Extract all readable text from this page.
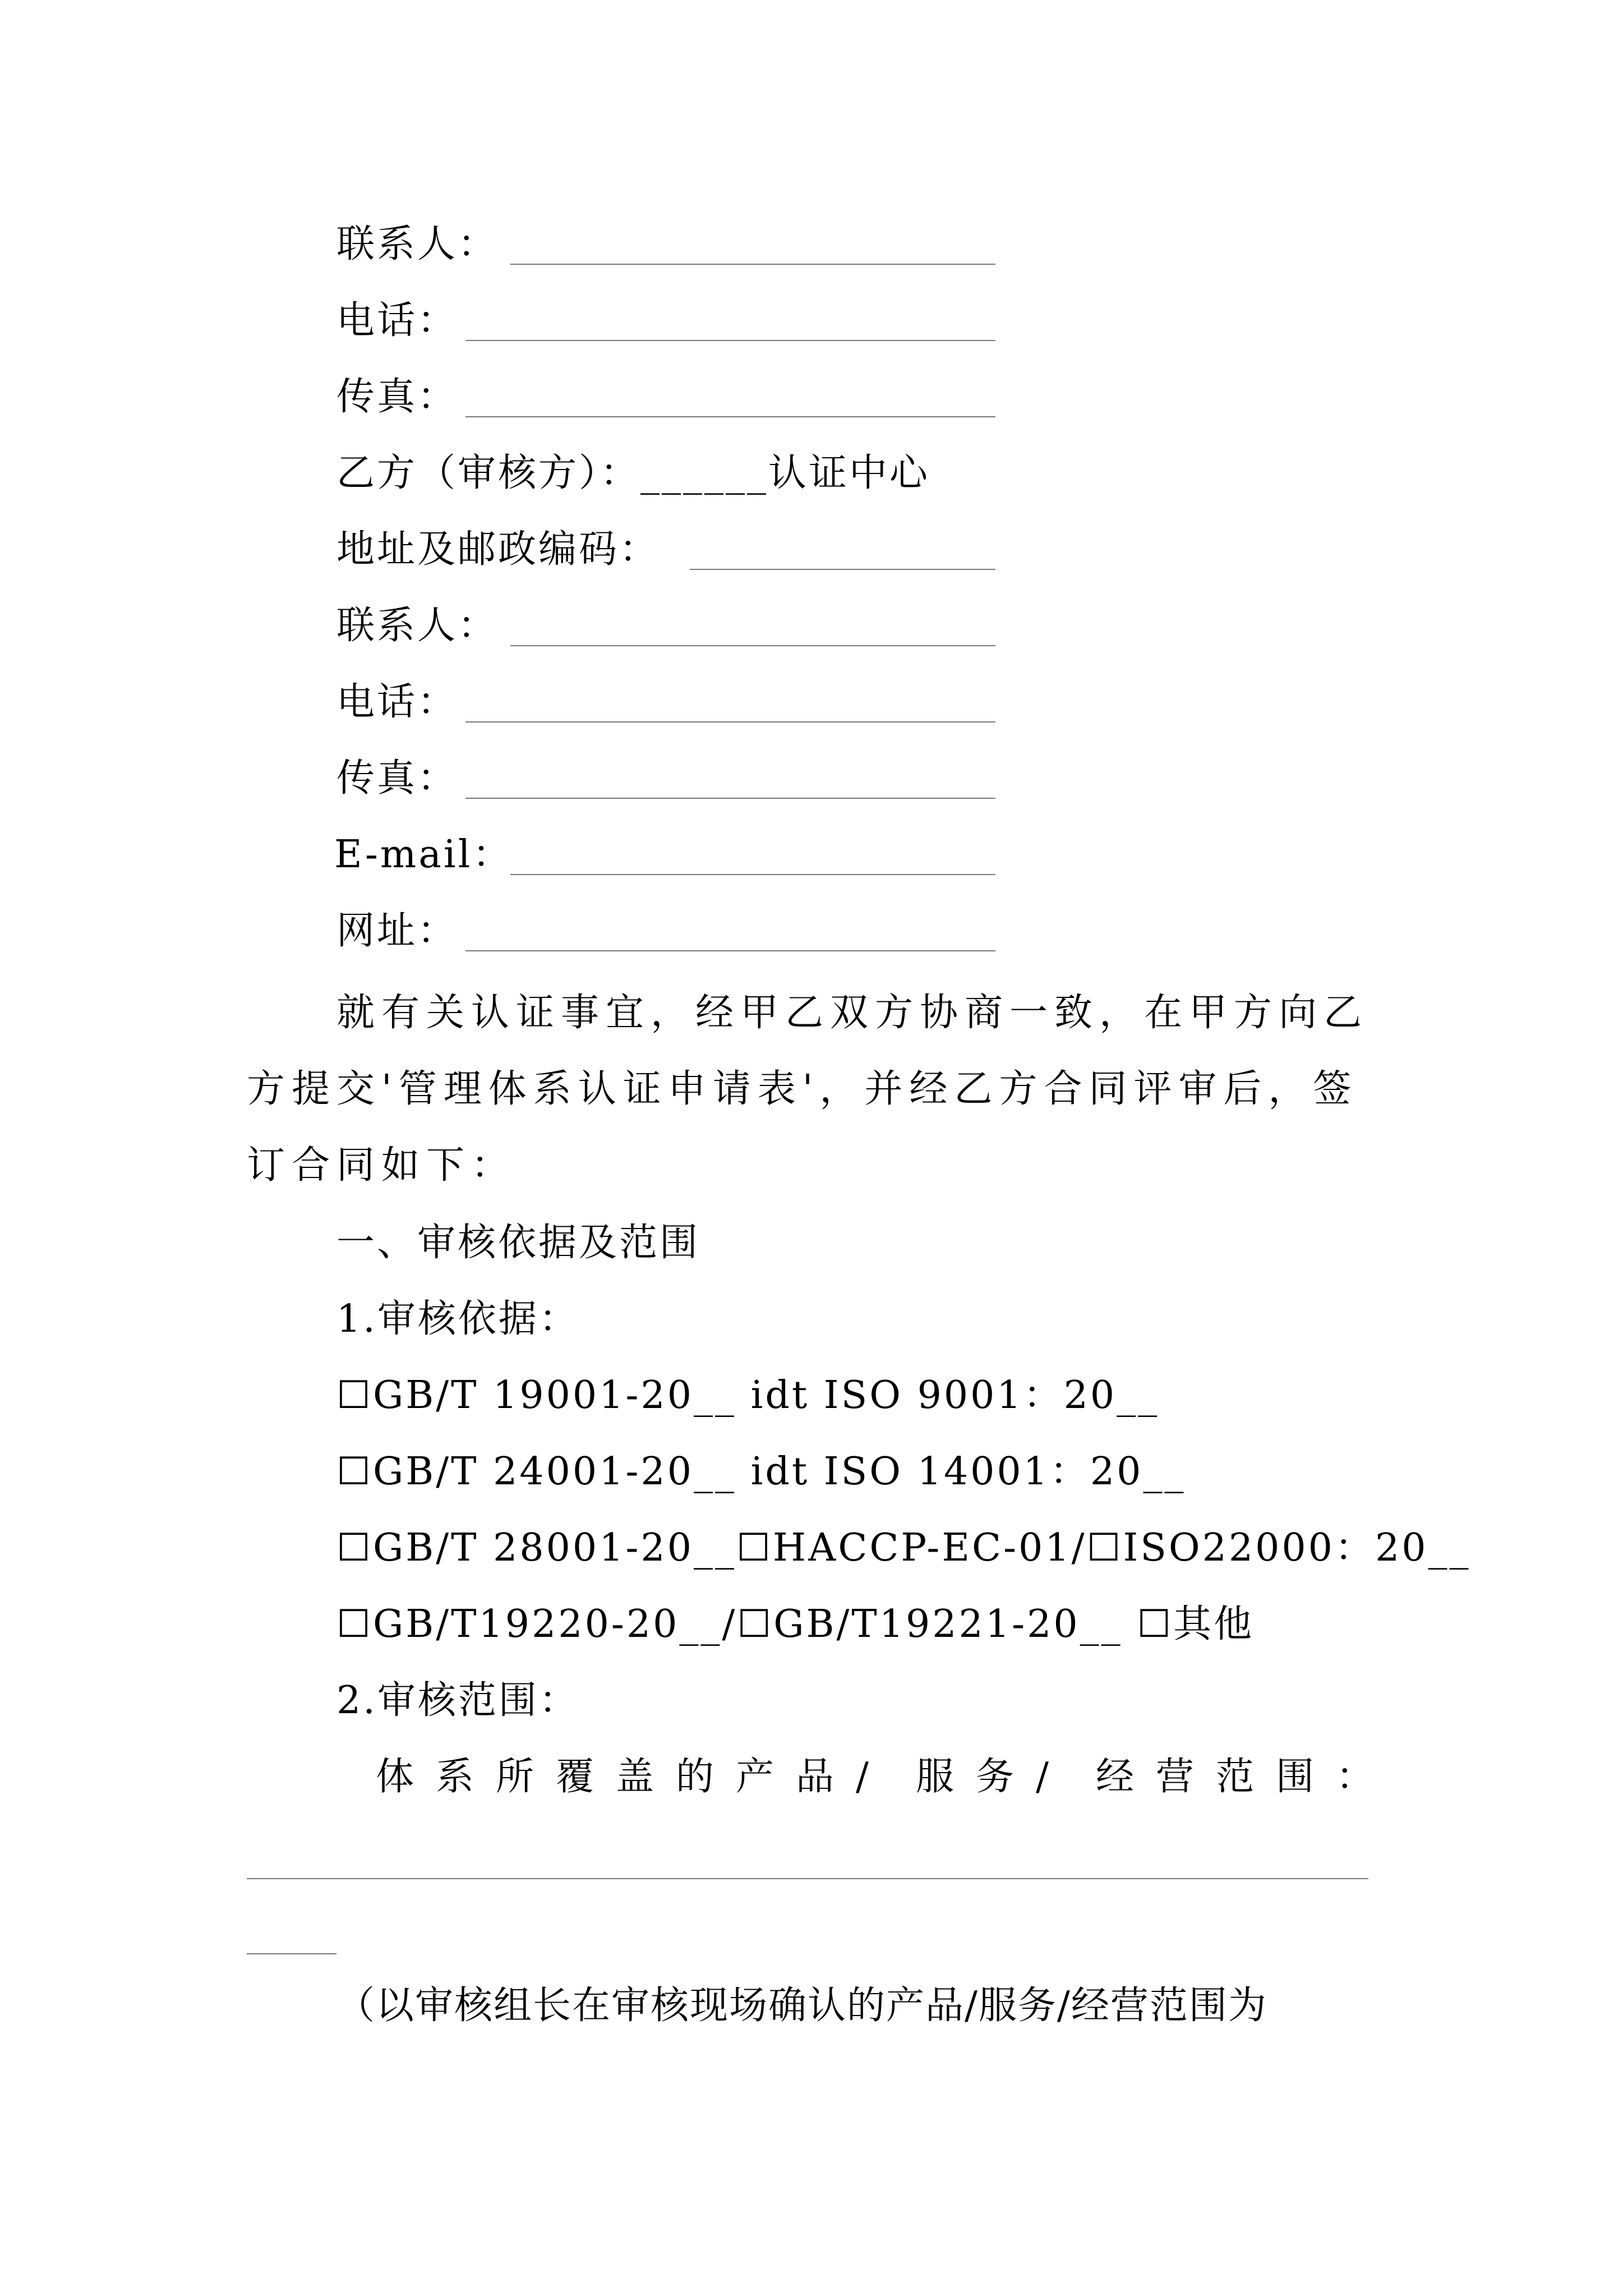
联系人：
电话：
传真：
乙方（审核方）：______认证中心
地址及邮政编码：
联系人：
电话：
传真：
E-mail：
网址：
就有关认证事宜，经甲乙双方协商一致，在甲方向乙方提交'管理体系认证申请表'，并经乙方合同评审后，签订合同如下：
一、审核依据及范围
1.审核依据：
☐GB/T 19001-20__ idt ISO 9001：20__
☐GB/T 24001-20__ idt ISO 14001：20__
☐GB/T 28001-20__☐HACCP-EC-01/☐ISO22000：20__
☐GB/T19220-20__/☐GB/T19221-20__ ☐其他
2.审核范围：
体 系 所 覆 盖 的 产 品 / 服 务 / 经 营 范 围 ：
（以审核组长在审核现场确认的产品/服务/经营范围为
